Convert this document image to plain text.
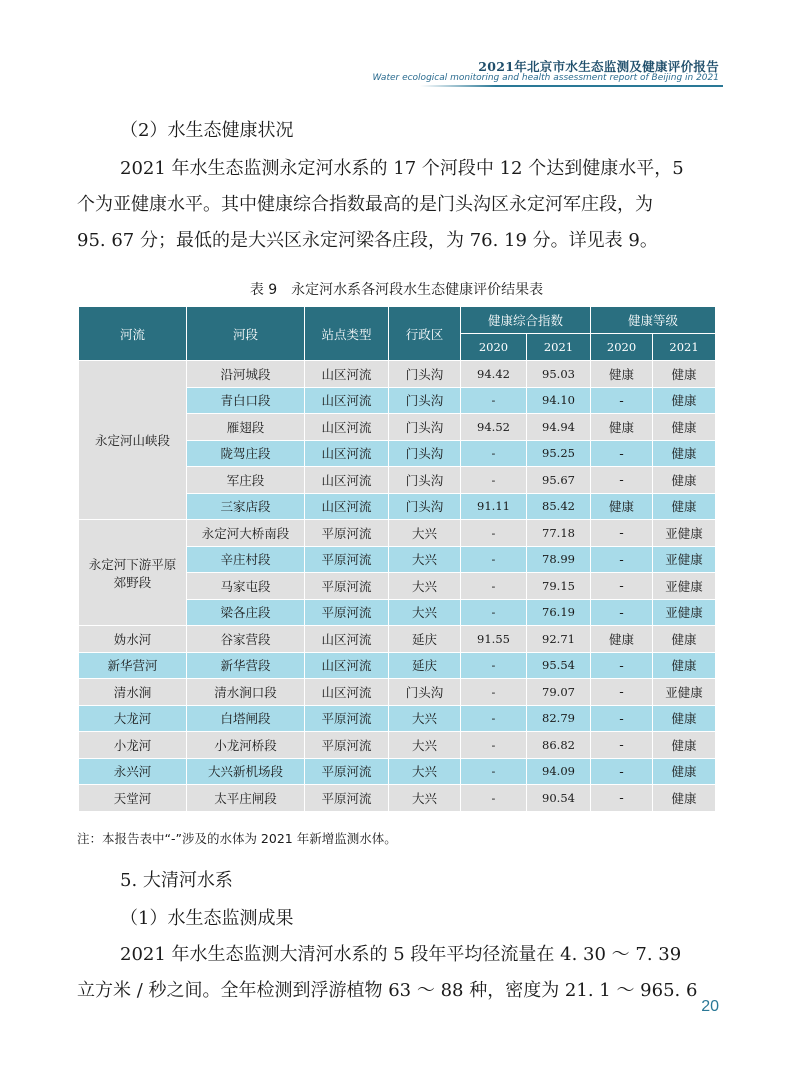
2021年北京市水生态监测及健康评价报告
Water ecological monitoring and health assessment report of Beijing in 2021
（2）水生态健康状况
2021 年水生态监测永定河水系的 17 个河段中 12 个达到健康水平，5
个为亚健康水平。其中健康综合指数最高的是门头沟区永定河军庄段，为
95. 67 分；最低的是大兴区永定河梁各庄段，为 76. 19 分。详见表 9。
表 9　永定河水系各河段水生态健康评价结果表
河流	河段	站点类型	行政区	健康综合指数		健康等级	
				2020	2021	2020	2021
永定河山峡段	沿河城段	山区河流	门头沟	94.42	95.03	健康	健康
	青白口段	山区河流	门头沟	-	94.10	-	健康
	雁翅段	山区河流	门头沟	94.52	94.94	健康	健康
	陇驾庄段	山区河流	门头沟	-	95.25	-	健康
	军庄段	山区河流	门头沟	-	95.67	-	健康
	三家店段	山区河流	门头沟	91.11	85.42	健康	健康
永定河下游平原郊野段	永定河大桥南段	平原河流	大兴	-	77.18	-	亚健康
	辛庄村段	平原河流	大兴	-	78.99	-	亚健康
	马家屯段	平原河流	大兴	-	79.15	-	亚健康
	梁各庄段	平原河流	大兴	-	76.19	-	亚健康
妫水河	谷家营段	山区河流	延庆	91.55	92.71	健康	健康
新华营河	新华营段	山区河流	延庆	-	95.54	-	健康
清水涧	清水涧口段	山区河流	门头沟	-	79.07	-	亚健康
大龙河	白塔闸段	平原河流	大兴	-	82.79	-	健康
小龙河	小龙河桥段	平原河流	大兴	-	86.82	-	健康
永兴河	大兴新机场段	平原河流	大兴	-	94.09	-	健康
天堂河	太平庄闸段	平原河流	大兴	-	90.54	-	健康
注：本报告表中“-”涉及的水体为 2021 年新增监测水体。
5. 大清河水系
（1）水生态监测成果
2021 年水生态监测大清河水系的 5 段年平均径流量在 4. 30 ～ 7. 39
立方米 / 秒之间。全年检测到浮游植物 63 ～ 88 种，密度为 21. 1 ～ 965. 6
20
